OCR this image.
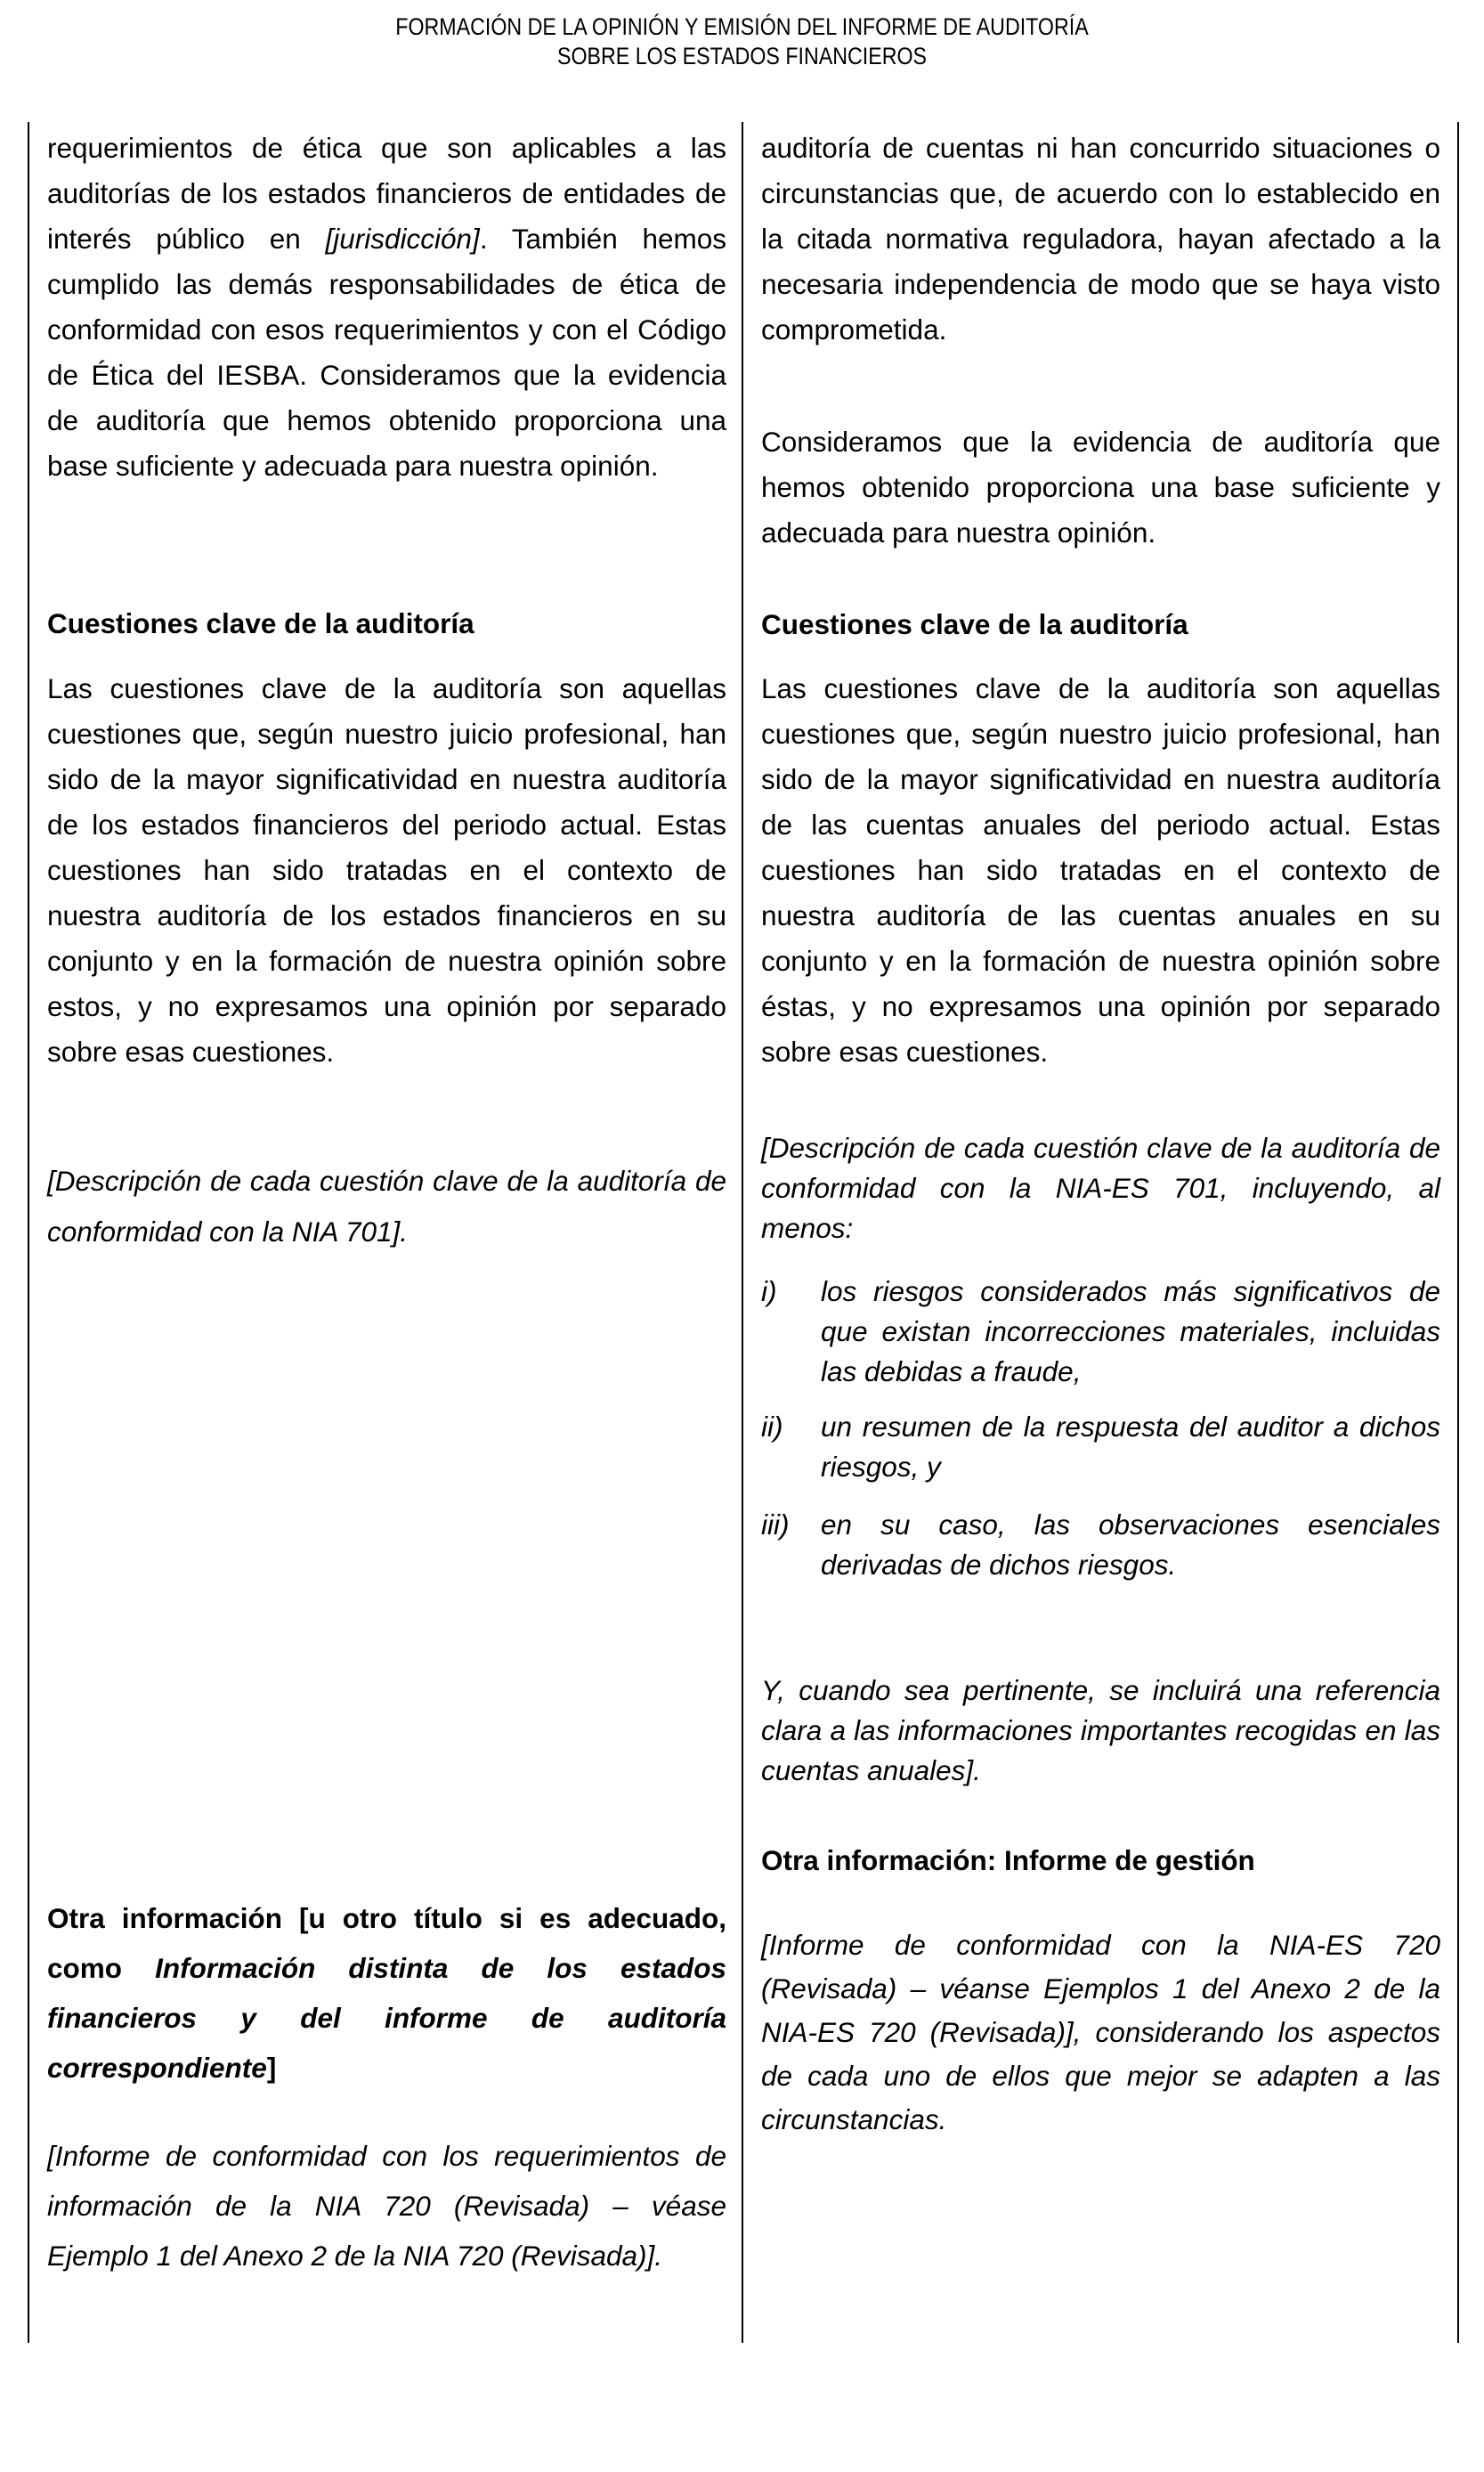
FORMACIÓN DE LA OPINIÓN Y EMISIÓN DEL INFORME DE AUDITORÍA
SOBRE LOS ESTADOS FINANCIEROS
requerimientos de ética que son aplicables a las auditorías de los estados financieros de entidades de interés público en [jurisdicción]. También hemos cumplido las demás responsabilidades de ética de conformidad con esos requerimientos y con el Código de Ética del IESBA. Consideramos que la evidencia de auditoría que hemos obtenido proporciona una base suficiente y adecuada para nuestra opinión.
Cuestiones clave de la auditoría
Las cuestiones clave de la auditoría son aquellas cuestiones que, según nuestro juicio profesional, han sido de la mayor significatividad en nuestra auditoría de los estados financieros del periodo actual. Estas cuestiones han sido tratadas en el contexto de nuestra auditoría de los estados financieros en su conjunto y en la formación de nuestra opinión sobre estos, y no expresamos una opinión por separado sobre esas cuestiones.
[Descripción de cada cuestión clave de la auditoría de conformidad con la NIA 701].
Otra información [u otro título si es adecuado, como Información distinta de los estados financieros y del informe de auditoría correspondiente]
[Informe de conformidad con los requerimientos de información de la NIA 720 (Revisada) – véase Ejemplo 1 del Anexo 2 de la NIA 720 (Revisada)].
auditoría de cuentas ni han concurrido situaciones o circunstancias que, de acuerdo con lo establecido en la citada normativa reguladora, hayan afectado a la necesaria independencia de modo que se haya visto comprometida.
Consideramos que la evidencia de auditoría que hemos obtenido proporciona una base suficiente y adecuada para nuestra opinión.
Cuestiones clave de la auditoría
Las cuestiones clave de la auditoría son aquellas cuestiones que, según nuestro juicio profesional, han sido de la mayor significatividad en nuestra auditoría de las cuentas anuales del periodo actual. Estas cuestiones han sido tratadas en el contexto de nuestra auditoría de las cuentas anuales en su conjunto y en la formación de nuestra opinión sobre éstas, y no expresamos una opinión por separado sobre esas cuestiones.
[Descripción de cada cuestión clave de la auditoría de conformidad con la NIA-ES 701, incluyendo, al menos:
i) los riesgos considerados más significativos de que existan incorrecciones materiales, incluidas las debidas a fraude,
ii) un resumen de la respuesta del auditor a dichos riesgos, y
iii) en su caso, las observaciones esenciales derivadas de dichos riesgos.
Y, cuando sea pertinente, se incluirá una referencia clara a las informaciones importantes recogidas en las cuentas anuales].
Otra información: Informe de gestión
[Informe de conformidad con la NIA-ES 720 (Revisada) – véanse Ejemplos 1 del Anexo 2 de la NIA-ES 720 (Revisada)], considerando los aspectos de cada uno de ellos que mejor se adapten a las circunstancias.
